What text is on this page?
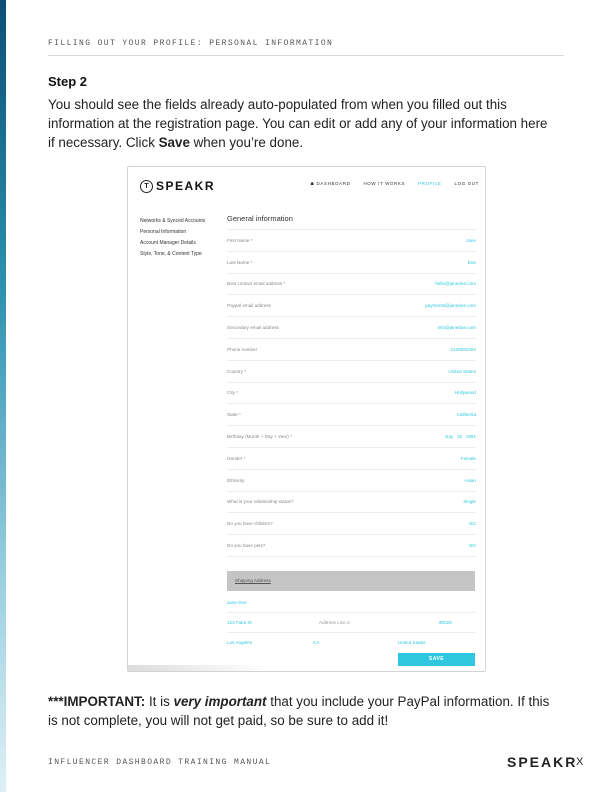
FILLING OUT YOUR PROFILE: PERSONAL INFORMATION
Step 2
You should see the fields already auto-populated from when you filled out this information at the registration page. You can edit or add any of your information here if necessary. Click Save when you’re done.
T SPEAKR	☗ DASHBOARD	HOW IT WORKS	PROFILE	LOG OUT
Networks & Synced Accounts
Personal Information
Account Manager Details
Style, Tone, & Content Type
General information
First Name *	Jane
Last Name *	Doe
Best contact email address *	hello@janedoe.com
Paypal email address	payments@janedoe.com
Secondary email address	info@janedoe.com
Phone number	2128881004
Country *	United States
City *	Hollywood
State *	California
Birthday (Month + Day + Year) *	July   15   1991
Gender *	Female
Ethnicity	Asian
What is your relationship status?	Single
Do you have children?	NO
Do you have pets?	NO
Shipping Address
Jane Doe
123 Fake St	Address Line 2	90028
Los Angeles	CA	United States
SAVE
***IMPORTANT: It is very important that you include your PayPal information. If this is not complete, you will not get paid, so be sure to add it!
INFLUENCER DASHBOARD TRAINING MANUAL	SPEAKR
X
